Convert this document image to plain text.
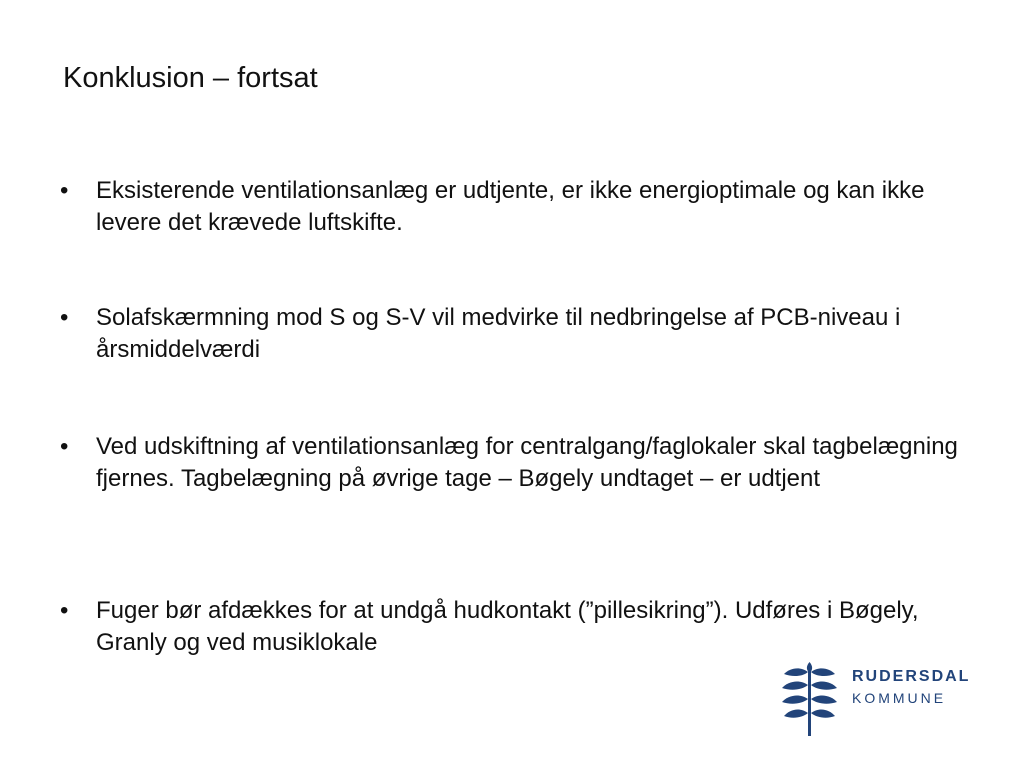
Konklusion – fortsat
•	Eksisterende ventilationsanlæg er udtjente, er ikke energioptimale og kan ikke levere det krævede luftskifte.
•	Solafskærmning mod S og S-V vil medvirke til nedbringelse af PCB-niveau i årsmiddelværdi
•	Ved udskiftning af ventilationsanlæg for centralgang/faglokaler skal tagbelægning fjernes. Tagbelægning på øvrige tage – Bøgely undtaget – er udtjent
•	Fuger bør afdækkes for at undgå hudkontakt (”pillesikring”). Udføres i Bøgely, Granly og ved musiklokale
RUDERSDAL
KOMMUNE
